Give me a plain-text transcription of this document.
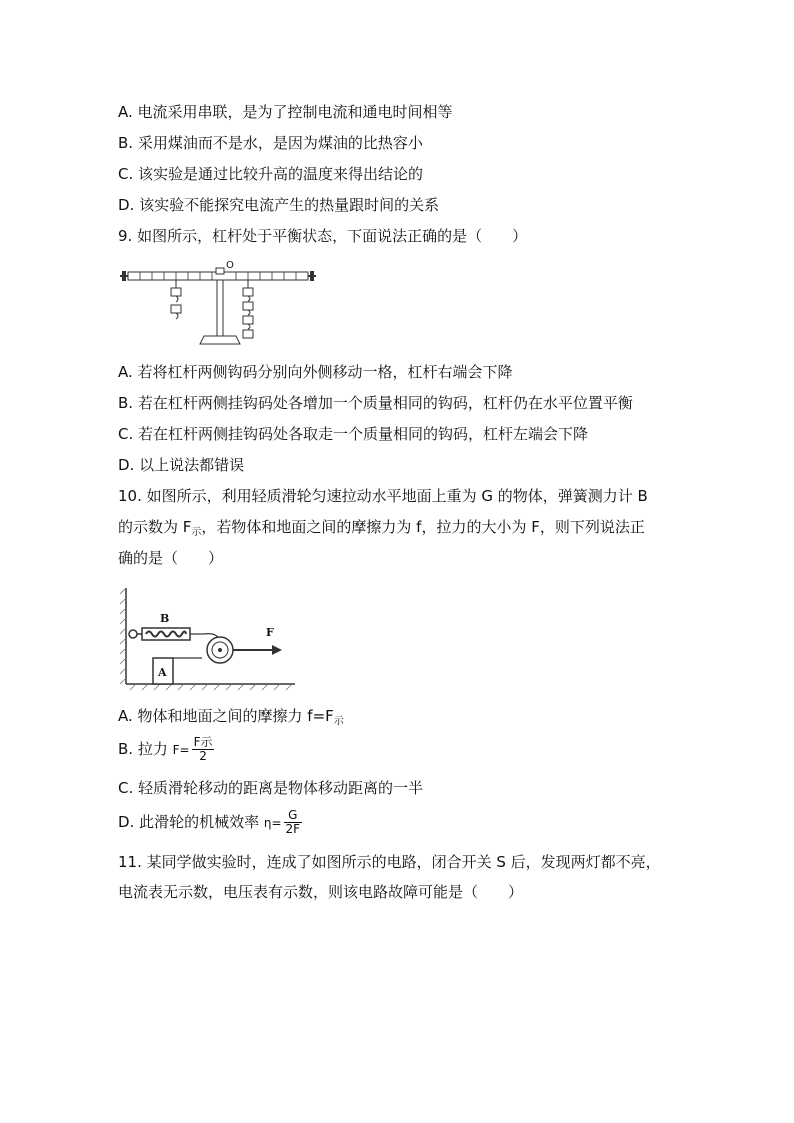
A. 电流采用串联，是为了控制电流和通电时间相等
B. 采用煤油而不是水，是因为煤油的比热容小
C. 该实验是通过比较升高的温度来得出结论的
D. 该实验不能探究电流产生的热量跟时间的关系
9. 如图所示，杠杆处于平衡状态，下面说法正确的是（　　）
O
A. 若将杠杆两侧钩码分别向外侧移动一格，杠杆右端会下降
B. 若在杠杆两侧挂钩码处各增加一个质量相同的钩码，杠杆仍在水平位置平衡
C. 若在杠杆两侧挂钩码处各取走一个质量相同的钩码，杠杆左端会下降
D. 以上说法都错误
10. 如图所示，利用轻质滑轮匀速拉动水平地面上重为 G 的物体，弹簧测力计 B
的示数为 $F_示$，若物体和地面之间的摩擦力为 f，拉力的大小为 F，则下列说法正
确的是（　　）
B
F
A
A. 物体和地面之间的摩擦力 $f=F_示$
B. 拉力 $F= \frac{\text{F示}}{2}$
C. 轻质滑轮移动的距离是物体移动距离的一半
D. 此滑轮的机械效率 $\eta= \frac{G}{2F}$
11. 某同学做实验时，连成了如图所示的电路，闭合开关 S 后，发现两灯都不亮，
电流表无示数，电压表有示数，则该电路故障可能是（　　）
